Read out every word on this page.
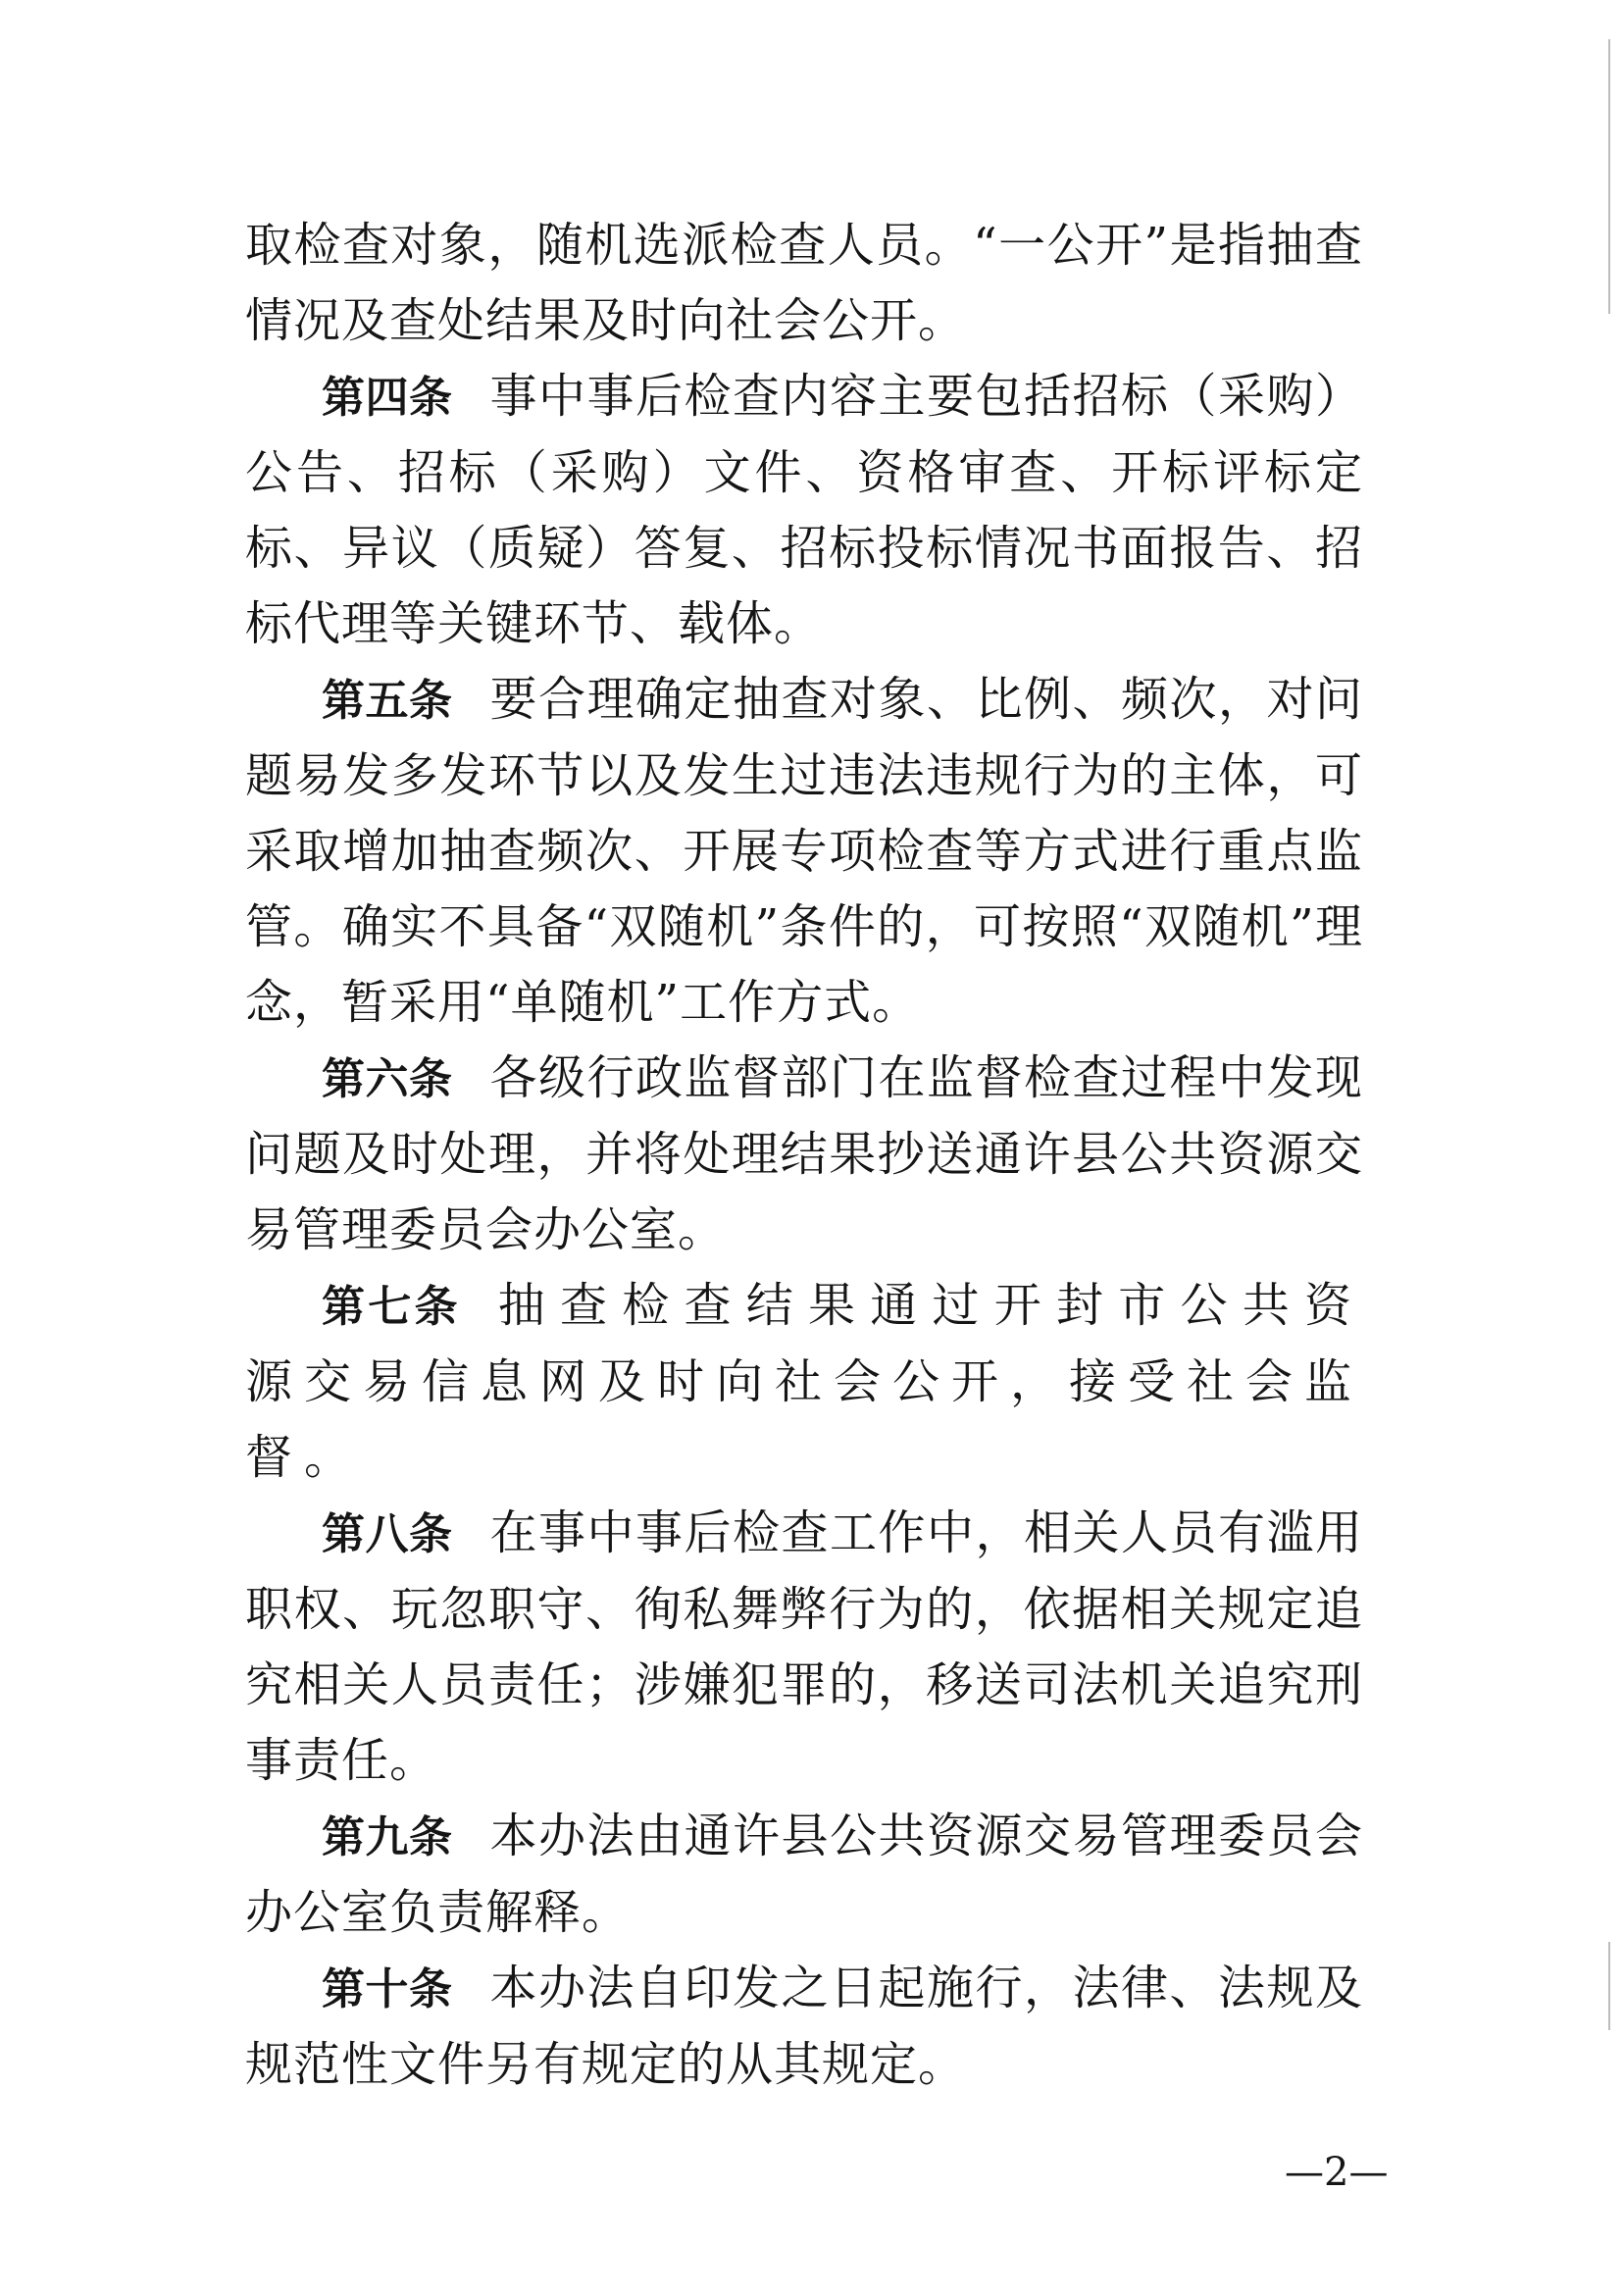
取检查对象，随机选派检查人员。“一公开”是指抽查情况及查处结果及时向社会公开。

第四条 事中事后检查内容主要包括招标（采购）公告、招标（采购）文件、资格审查、开标评标定标、异议（质疑）答复、招标投标情况书面报告、招标代理等关键环节、载体。

第五条 要合理确定抽查对象、比例、频次，对问题易发多发环节以及发生过违法违规行为的主体，可采取增加抽查频次、开展专项检查等方式进行重点监管。确实不具备“双随机”条件的，可按照“双随机”理念，暂采用“单随机”工作方式。

第六条 各级行政监督部门在监督检查过程中发现问题及时处理，并将处理结果抄送通许县公共资源交易管理委员会办公室。

第七条 抽查检查结果通过开封市公共资源交易信息网及时向社会公开，接受社会监督。

第八条 在事中事后检查工作中，相关人员有滥用职权、玩忽职守、徇私舞弊行为的，依据相关规定追究相关人员责任；涉嫌犯罪的，移送司法机关追究刑事责任。

第九条 本办法由通许县公共资源交易管理委员会办公室负责解释。

第十条 本办法自印发之日起施行，法律、法规及规范性文件另有规定的从其规定。

—2—
